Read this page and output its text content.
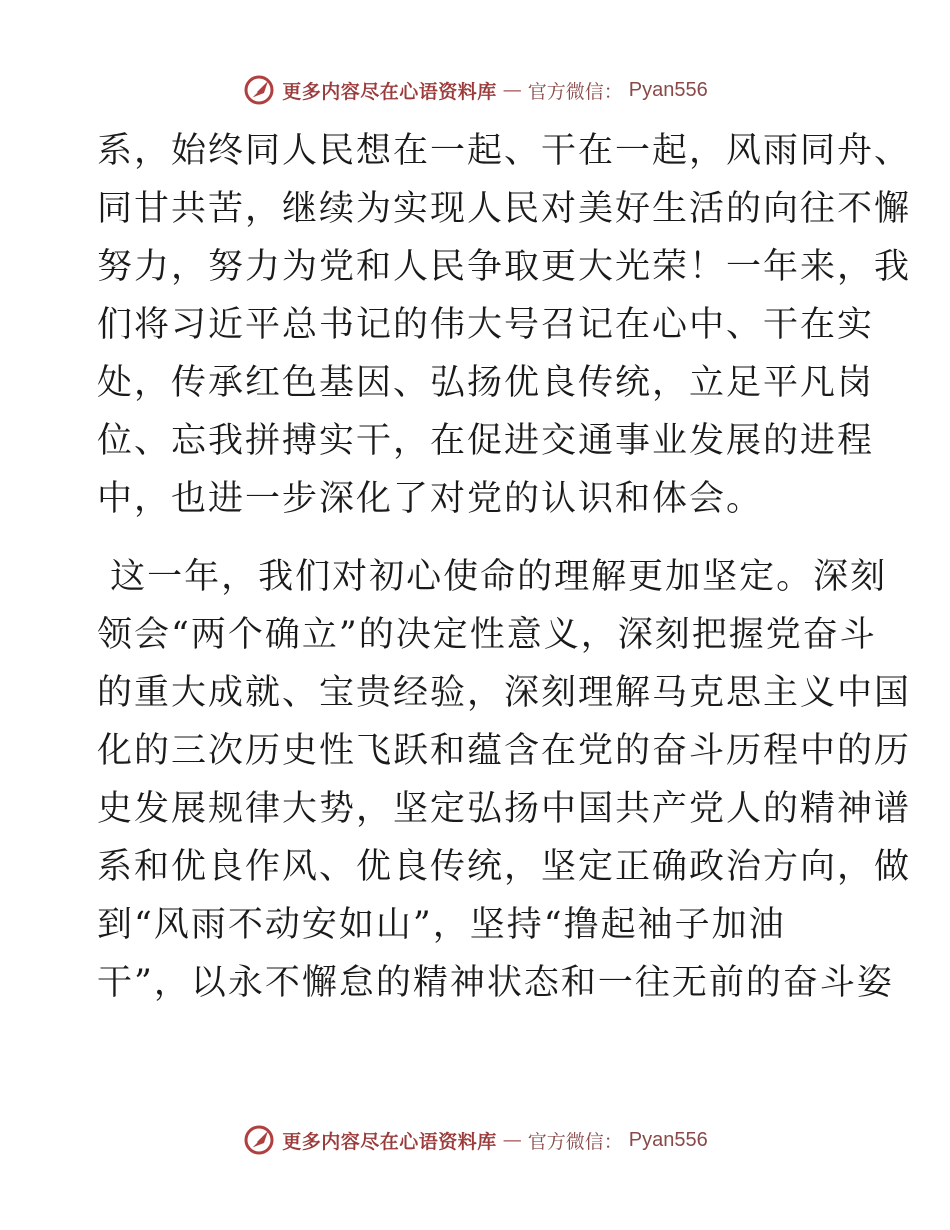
更多内容尽在心语资料库 — 官方微信： Pyan556
系，始终同人民想在一起、干在一起，风雨同舟、
同甘共苦，继续为实现人民对美好生活的向往不懈
努力，努力为党和人民争取更大光荣！一年来，我
们将习近平总书记的伟大号召记在心中、干在实
处，传承红色基因、弘扬优良传统，立足平凡岗
位、忘我拼搏实干，在促进交通事业发展的进程
中，也进一步深化了对党的认识和体会。
这一年，我们对初心使命的理解更加坚定。深刻
领会“两个确立”的决定性意义，深刻把握党奋斗
的重大成就、宝贵经验，深刻理解马克思主义中国
化的三次历史性飞跃和蕴含在党的奋斗历程中的历
史发展规律大势，坚定弘扬中国共产党人的精神谱
系和优良作风、优良传统，坚定正确政治方向，做
到“风雨不动安如山”，坚持“撸起袖子加油
干”，以永不懈怠的精神状态和一往无前的奋斗姿
更多内容尽在心语资料库 — 官方微信： Pyan556
